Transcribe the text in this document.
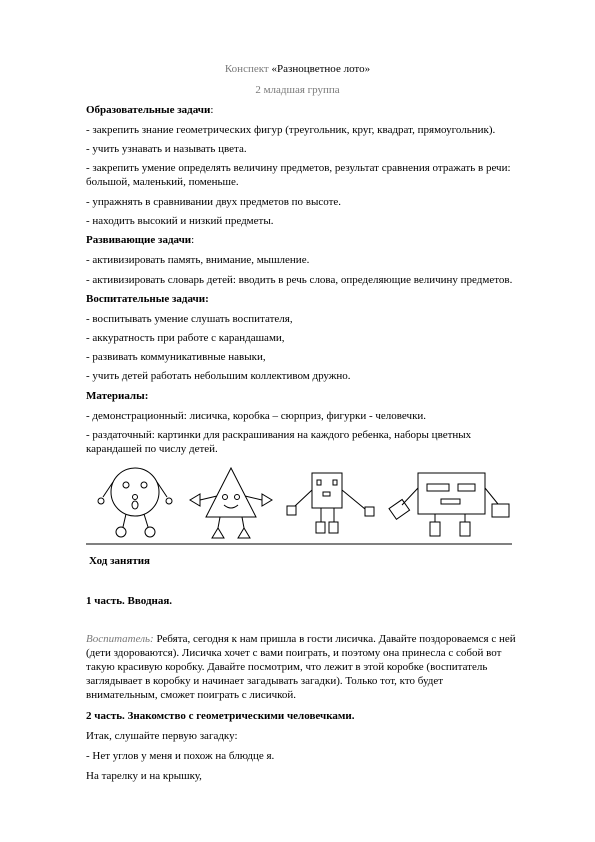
Конспект «Разноцветное лото»
2 младшая группа
Образовательные задачи:
- закрепить знание геометрических фигур (треугольник, круг, квадрат, прямоугольник).
- учить узнавать и называть цвета.
- закрепить умение определять величину предметов, результат сравнения отражать в речи:
большой, маленький, поменьше.
- упражнять в сравнивании двух предметов по высоте.
- находить высокий и низкий предметы.
Развивающие задачи:
- активизировать память, внимание, мышление.
- активизировать словарь детей: вводить в речь слова, определяющие величину предметов.
Воспитательные задачи:
- воспитывать умение слушать воспитателя,
- аккуратность при работе с карандашами,
- развивать коммуникативные навыки,
- учить детей работать небольшим коллективом дружно.
Материалы:
- демонстрационный: лисичка, коробка – сюрприз, фигурки - человечки.
- раздаточный: картинки для раскрашивания на каждого ребенка, наборы цветных
карандашей по числу детей.
Ход занятия
1 часть. Вводная.
Воспитатель: Ребята, сегодня к нам пришла в гости лисичка. Давайте поздороваемся с ней
(дети здороваются). Лисичка хочет с вами поиграть, и поэтому она принесла с собой вот
такую красивую коробку. Давайте посмотрим, что лежит в этой коробке (воспитатель
заглядывает в коробку и начинает загадывать загадки). Только тот, кто будет
внимательным, сможет поиграть с лисичкой.
2 часть. Знакомство с геометрическими человечками.
Итак, слушайте первую загадку:
- Нет углов у меня и похож на блюдце я.
На тарелку и на крышку,
